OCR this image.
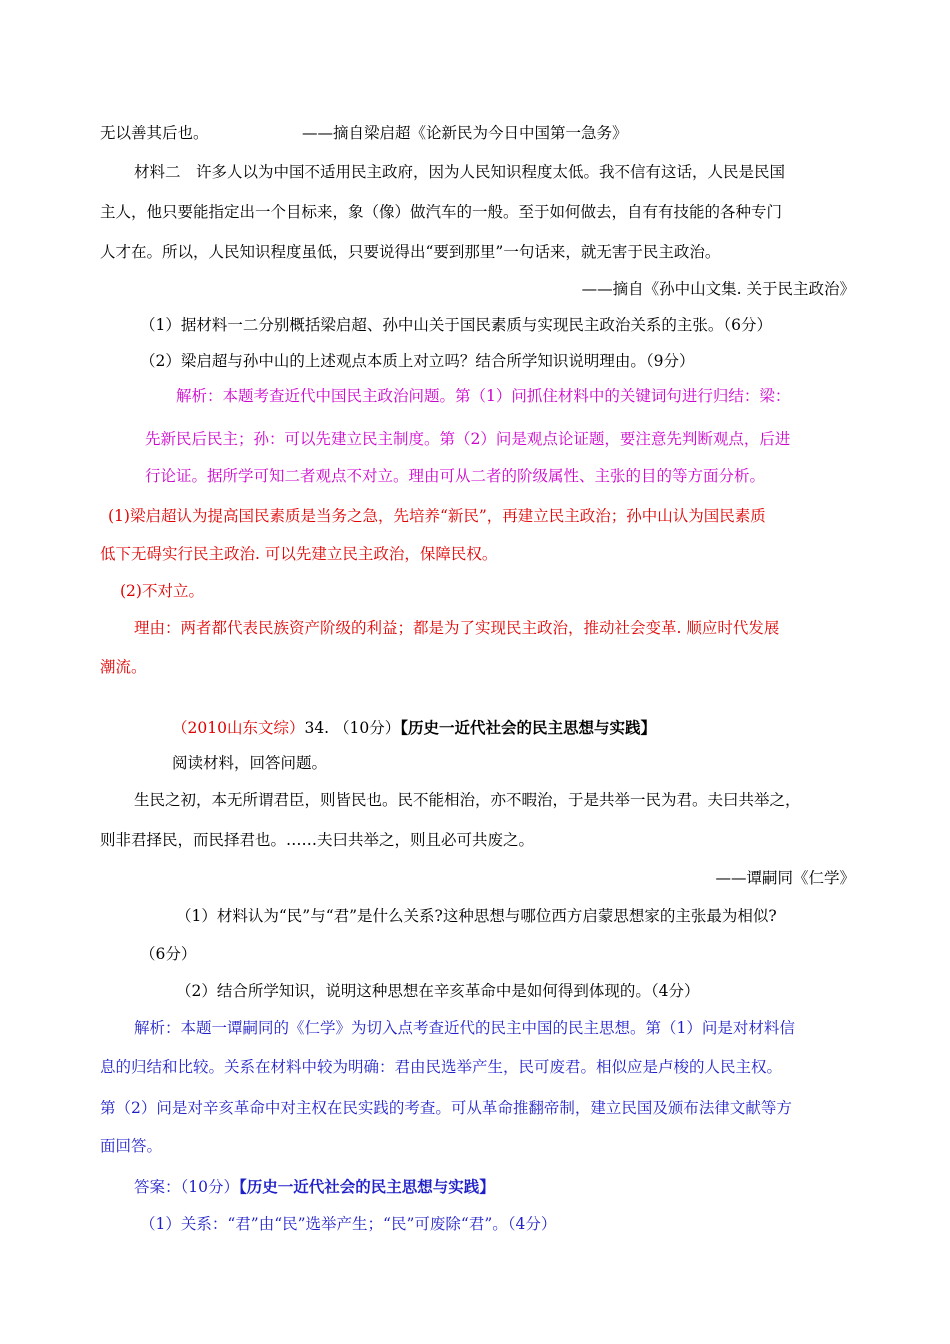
无以善其后也。	——摘自梁启超《论新民为今日中国第一急务》
材料二　许多人以为中国不适用民主政府，因为人民知识程度太低。我不信有这话，人民是民国
主人，他只要能指定出一个目标来，象（像）做汽车的一般。至于如何做去，自有有技能的各种专门
人才在。所以，人民知识程度虽低，只要说得出“要到那里”一句话来，就无害于民主政治。
——摘自《孙中山文集. 关于民主政治》
（1）据材料一二分别概括梁启超、孙中山关于国民素质与实现民主政治关系的主张。（6分）
（2）梁启超与孙中山的上述观点本质上对立吗？结合所学知识说明理由。（9分）
解析：本题考查近代中国民主政治问题。第（1）问抓住材料中的关键词句进行归结：梁：
先新民后民主；孙：可以先建立民主制度。第（2）问是观点论证题，要注意先判断观点，后进
行论证。据所学可知二者观点不对立。理由可从二者的阶级属性、主张的目的等方面分析。
(1)梁启超认为提高国民素质是当务之急，先培养“新民”，再建立民主政治；孙中山认为国民素质
低下无碍实行民主政治. 可以先建立民主政治，保障民权。
(2)不对立。
理由：两者都代表民族资产阶级的利益；都是为了实现民主政治，推动社会变革. 顺应时代发展
潮流。
（2010山东文综）34. （10分）【历史一近代社会的民主思想与实践】
阅读材料，回答问题。
生民之初，本无所谓君臣，则皆民也。民不能相治，亦不暇治，于是共举一民为君。夫曰共举之，
则非君择民，而民择君也。……夫曰共举之，则且必可共废之。
——谭嗣同《仁学》
（1）材料认为“民”与“君”是什么关系?这种思想与哪位西方启蒙思想家的主张最为相似?
（6分）
（2）结合所学知识，说明这种思想在辛亥革命中是如何得到体现的。（4分）
解析：本题一谭嗣同的《仁学》为切入点考查近代的民主中国的民主思想。第（1）问是对材料信
息的归结和比较。关系在材料中较为明确：君由民选举产生，民可废君。相似应是卢梭的人民主权。
第（2）问是对辛亥革命中对主权在民实践的考查。可从革命推翻帝制，建立民国及颁布法律文献等方
面回答。
答案：（10分）【历史一近代社会的民主思想与实践】
（1）关系：“君”由“民”选举产生；“民”可废除“君”。（4分）
